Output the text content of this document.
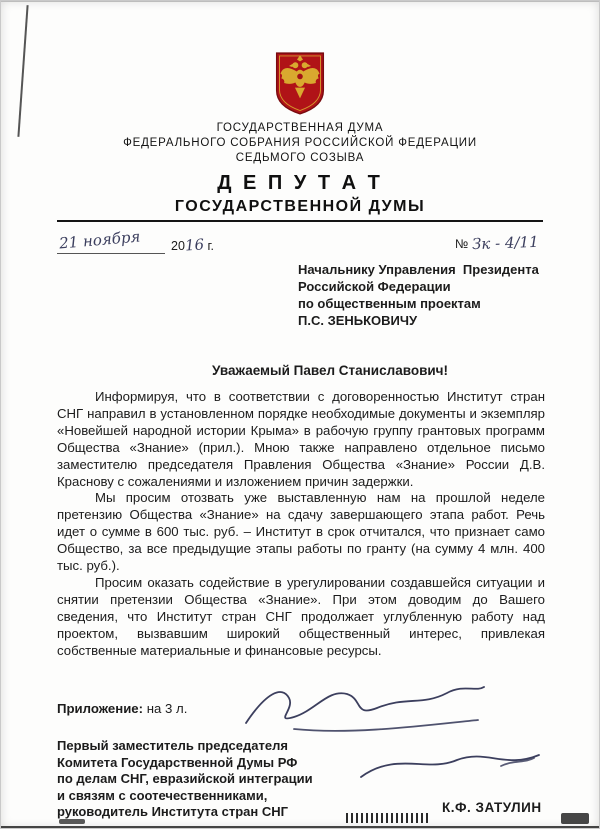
ГОСУДАРСТВЕННАЯ ДУМА
ФЕДЕРАЛЬНОГО СОБРАНИЯ РОССИЙСКОЙ ФЕДЕРАЦИИ
СЕДЬМОГО СОЗЫВА
Д Е П У Т А Т
ГОСУДАРСТВЕННОЙ ДУМЫ
21 ноября 2016 г.	№ Зк - 4/11
Начальнику Управления  Президента
Российской Федерации
по общественным проектам
П.С. ЗЕНЬКОВИЧУ
Уважаемый Павел Станиславович!

Информируя, что в соответствии с договоренностью Институт стран СНГ направил в установленном порядке необходимые документы и экземпляр «Новейшей народной истории Крыма» в рабочую группу грантовых программ Общества «Знание» (прил.). Мною также направлено отдельное письмо заместителю председателя Правления Общества «Знание» России Д.В. Краснову с сожалениями и изложением причин задержки.

Мы просим отозвать уже выставленную нам на прошлой неделе претензию Общества «Знание» на сдачу завершающего этапа работ. Речь идет о сумме в 600 тыс. руб. – Институт в срок отчитался, что признает само Общество, за все предыдущие этапы работы по гранту (на сумму 4 млн. 400 тыс. руб.).

Просим оказать содействие в урегулировании создавшейся ситуации и снятии претензии Общества «Знание». При этом доводим до Вашего сведения, что Институт стран СНГ продолжает углубленную работу над проектом, вызвавшим широкий общественный интерес, привлекая собственные материальные и финансовые ресурсы.

Приложение: на 3 л.
Первый заместитель председателя
Комитета Государственной Думы РФ
по делам СНГ, евразийской интеграции
и связям с соотечественниками,
руководитель Института стран СНГ	К.Ф. ЗАТУЛИН
